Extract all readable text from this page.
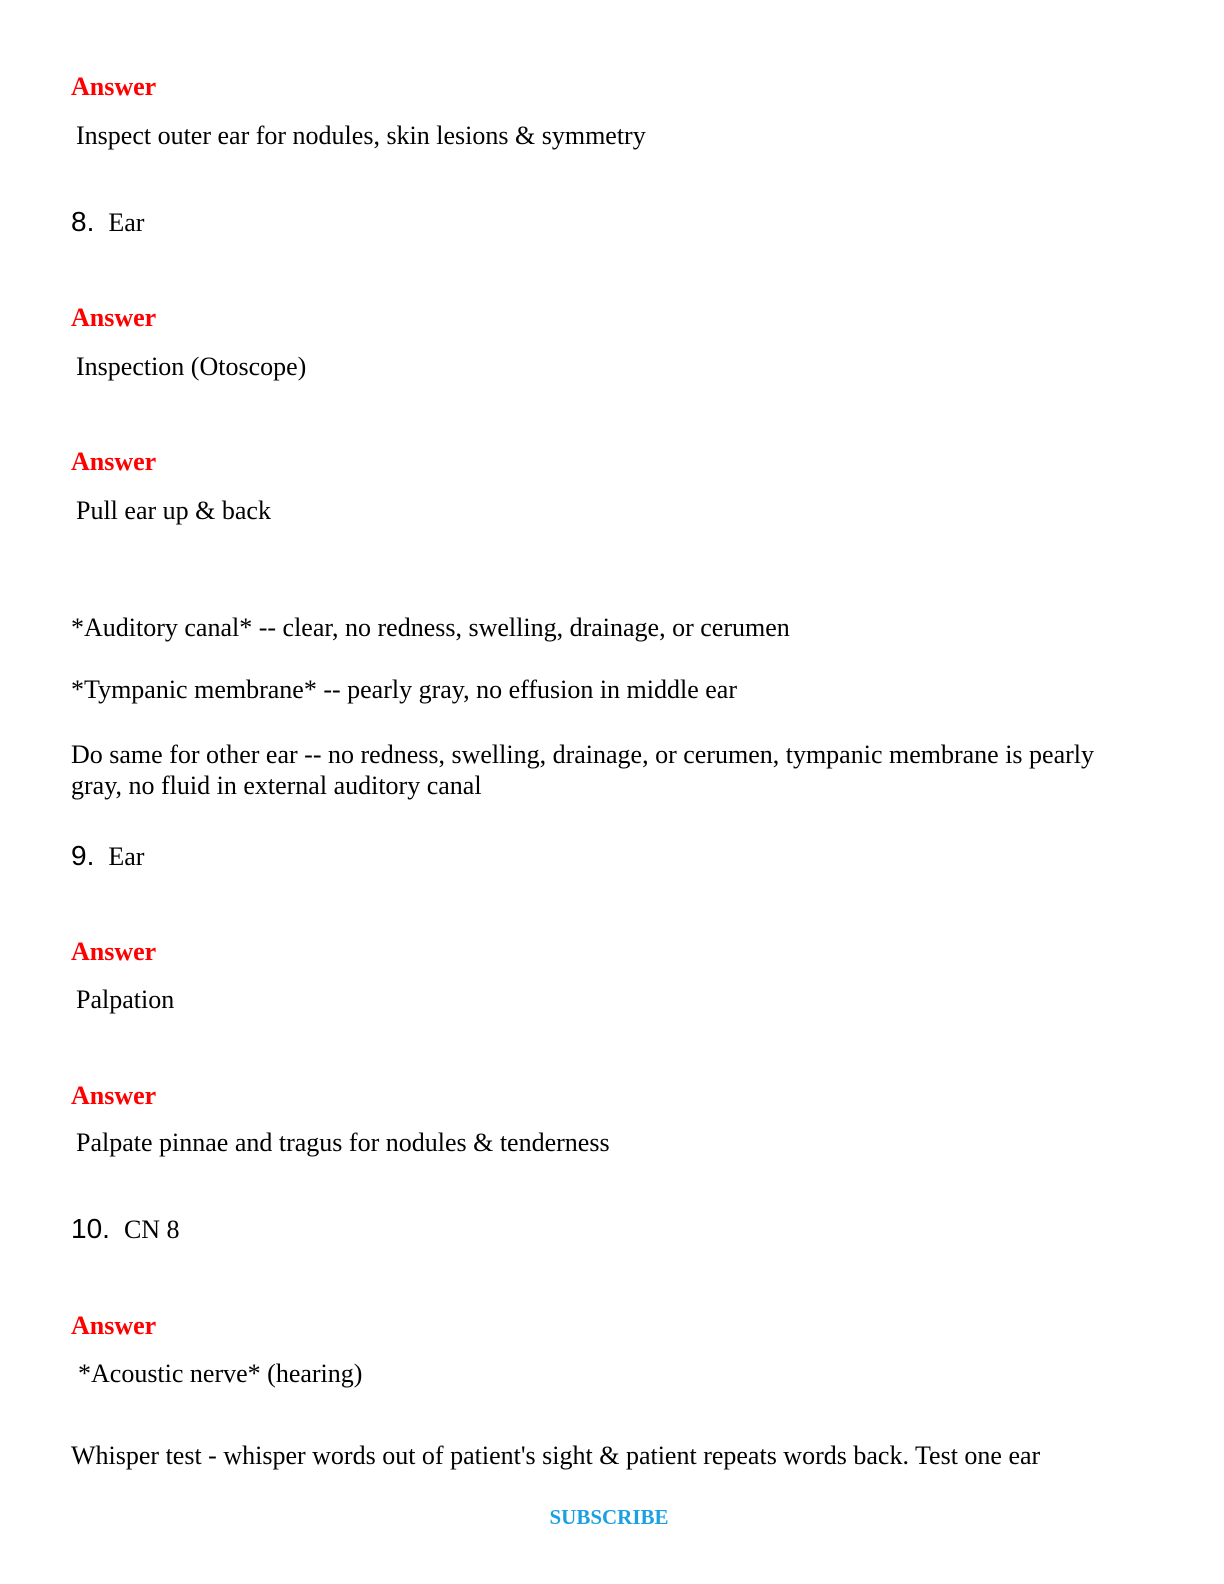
Answer
Inspect outer ear for nodules, skin lesions & symmetry
8. Ear
Answer
Inspection (Otoscope)
Answer
Pull ear up & back
*Auditory canal* -- clear, no redness, swelling, drainage, or cerumen
*Tympanic membrane* -- pearly gray, no effusion in middle ear
Do same for other ear -- no redness, swelling, drainage, or cerumen, tympanic membrane is pearly gray, no fluid in external auditory canal
9. Ear
Answer
Palpation
Answer
Palpate pinnae and tragus for nodules & tenderness
10. CN 8
Answer
*Acoustic nerve* (hearing)
Whisper test - whisper words out of patient's sight & patient repeats words back. Test one ear
SUBSCRIBE
